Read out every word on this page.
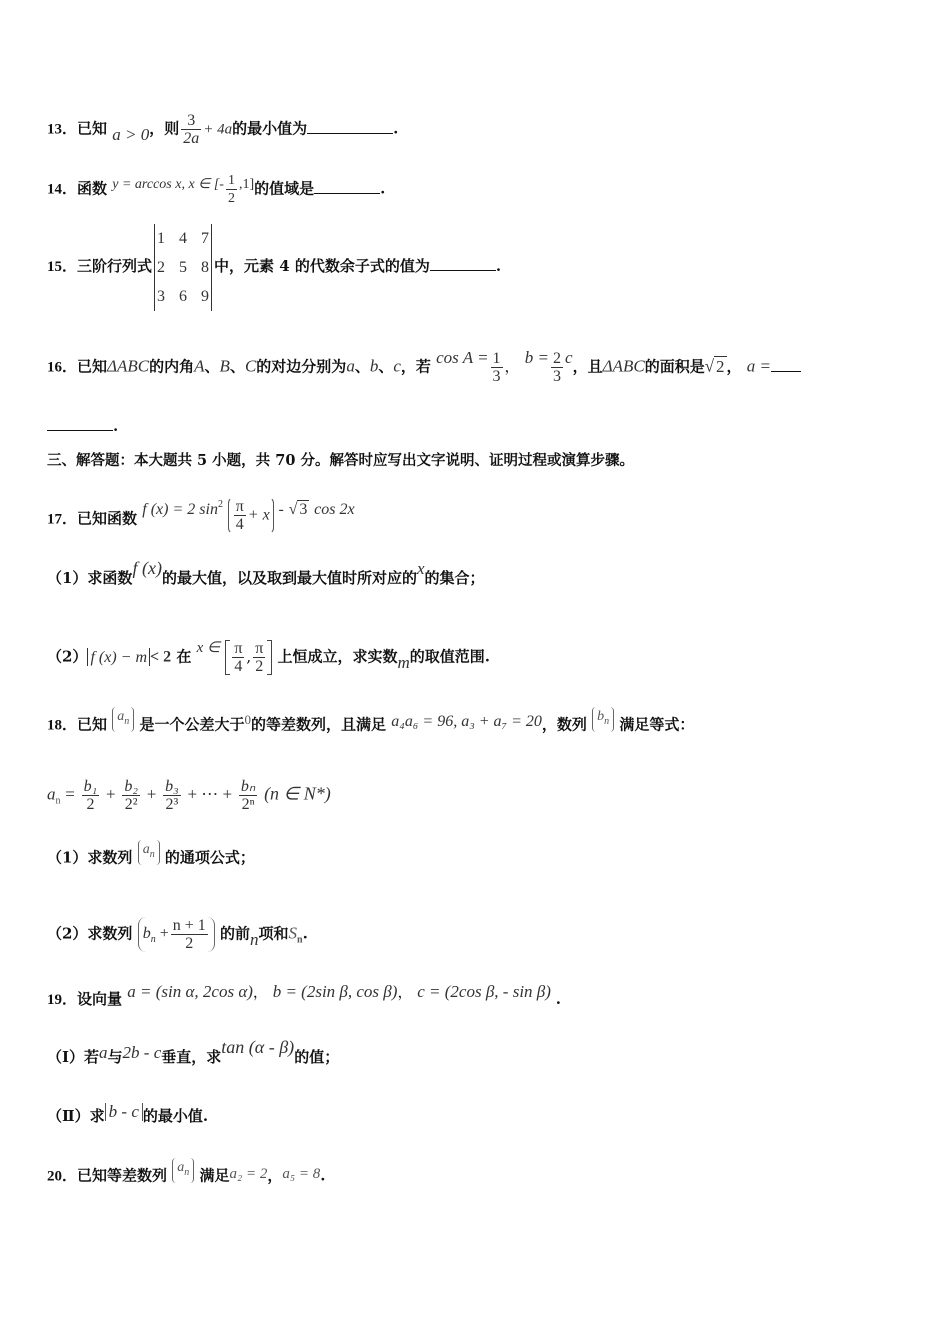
13．已知 a > 0，则 $\frac{3}{2a} + 4a$的最小值为	.
14．函数 y = arccos x, x ∈ [- $\frac{1}{2} ,1$]的值域是	.
15．三阶行列式
1 4 7
2 5 8
3 6 9
中，元素 4 的代数余子式的值为	.
16．已知ΔABC的内角A、B、C的对边分别为a、b、c，若 $\cos A = \frac{1}{3}$ ， $b = \frac{2}{3}$ c，且ΔABC的面积是√ 2 ， a =
.
三、解答题：本大题共 5 小题，共 70 分。解答时应写出文字说明、证明过程或演算步骤。
17．已知函数 f (x) = 2 $\sin^2 \frac{\pi}{4} + x$ - √ 3 cos 2x
（1）求函数f (x)的最大值，以及取到最大值时所对应的x的集合；
（2） f (x) − m < 2 在 x ∈ $\frac{\pi}{4}$ , $\frac{\pi}{2}$ 上恒成立，求实数m的取值范围.
18．已知 $a_n$ 是一个公差大于0的等差数列，且满足 a₄a₆ = 96, a₃ + a₇ = 20，数列 $b_n$ 满足等式：
$a_n = \frac{\text{b₁}}{2} + \frac{\text{b₂}}{\text{2²}} + \frac{\text{b₃}}{\text{2³}}$ + ⋯ + $\frac{\text{bₙ}}{\text{2ⁿ}} (n$ ∈ N*)
（1）求数列 $a_n$ 的通项公式；
（2）求数列 $b_n + \frac{n + 1}{2}$ 的前n项和$S_n$.
19．设向量 a = (sin α, 2cos α)， b = (2sin β, cos β)， c = (2cos β, - sin β) .
（Ⅰ）若a与2b - c垂直，求tan (α - β)的值；
（Ⅱ）求 b - c 的最小值.
20．已知等差数列 $a_n$ 满足a₂ = 2，a₅ = 8.
